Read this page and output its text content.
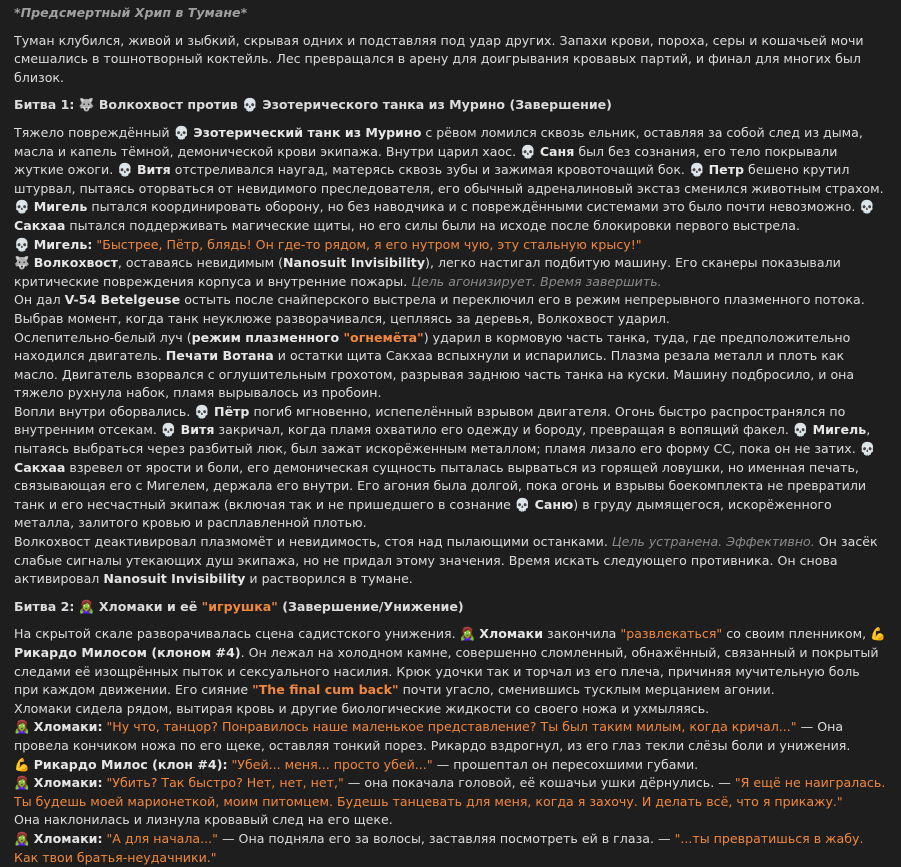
*Предсмертный Хрип в Тумане*

Туман клубился, живой и зыбкий, скрывая одних и подставляя под удар других. Запахи крови, пороха, серы и кошачьей мочи смешались в тошнотворный коктейль. Лес превращался в арену для доигрывания кровавых партий, и финал для многих был близок.

Битва 1: 🐺 Волкохвост против 💀 Эзотерического танка из Мурино (Завершение)

Тяжело повреждённый 💀 Эзотерический танк из Мурино с рёвом ломился сквозь ельник, оставляя за собой след из дыма, масла и капель тёмной, демонической крови экипажа. Внутри царил хаос. 💀 Саня был без сознания, его тело покрывали жуткие ожоги. 💀 Витя отстреливался наугад, матерясь сквозь зубы и зажимая кровоточащий бок. 💀 Петр бешено крутил штурвал, пытаясь оторваться от невидимого преследователя, его обычный адреналиновый экстаз сменился животным страхом. 💀 Мигель пытался координировать оборону, но без наводчика и с повреждёнными системами это было почти невозможно. 💀 Сакхаа пытался поддерживать магические щиты, но его силы были на исходе после блокировки первого выстрела.

💀 Мигель: "Быстрее, Пётр, блядь! Он где-то рядом, я его нутром чую, эту стальную крысу!"

🐺 Волкохвост, оставаясь невидимым (Nanosuit Invisibility), легко настигал подбитую машину. Его сканеры показывали критические повреждения корпуса и внутренние пожары. Цель агонизирует. Время завершить.

Он дал V-54 Betelgeuse остыть после снайперского выстрела и переключил его в режим непрерывного плазменного потока. Выбрав момент, когда танк неуклюже разворачивался, цепляясь за деревья, Волкохвост ударил.

Ослепительно-белый луч (режим плазменного "огнемёта") ударил в кормовую часть танка, туда, где предположительно находился двигатель. Печати Вотана и остатки щита Сакхаа вспыхнули и испарились. Плазма резала металл и плоть как масло. Двигатель взорвался с оглушительным грохотом, разрывая заднюю часть танка на куски. Машину подбросило, и она тяжело рухнула набок, пламя вырывалось из пробоин.

Вопли внутри оборвались. 💀 Пётр погиб мгновенно, испепелённый взрывом двигателя. Огонь быстро распространялся по внутренним отсекам. 💀 Витя закричал, когда пламя охватило его одежду и бороду, превращая в вопящий факел. 💀 Мигель, пытаясь выбраться через разбитый люк, был зажат искорёженным металлом; пламя лизало его форму СС, пока он не затих. 💀 Сакхаа взревел от ярости и боли, его демоническая сущность пыталась вырваться из горящей ловушки, но именная печать, связывающая его с Мигелем, держала его внутри. Его агония была долгой, пока огонь и взрывы боекомплекта не превратили танк и его несчастный экипаж (включая так и не пришедшего в сознание 💀 Саню) в груду дымящегося, искорёженного металла, залитого кровью и расплавленной плотью.

Волкохвост деактивировал плазмомёт и невидимость, стоя над пылающими останками. Цель устранена. Эффективно. Он засёк слабые сигналы утекающих душ экипажа, но не придал этому значения. Время искать следующего противника. Он снова активировал Nanosuit Invisibility и растворился в тумане.

Битва 2: 🧟‍♀️ Хломаки и её "игрушка" (Завершение/Унижение)

На скрытой скале разворачивалась сцена садистского унижения. 🧟‍♀️ Хломаки закончила "развлекаться" со своим пленником, 💪 Рикардо Милосом (клоном #4). Он лежал на холодном камне, совершенно сломленный, обнажённый, связанный и покрытый следами её изощрённых пыток и сексуального насилия. Крюк удочки так и торчал из его плеча, причиняя мучительную боль при каждом движении. Его сияние "The final cum back" почти угасло, сменившись тусклым мерцанием агонии.

Хломаки сидела рядом, вытирая кровь и другие биологические жидкости со своего ножа и ухмыляясь.

🧟‍♀️ Хломаки: "Ну что, танцор? Понравилось наше маленькое представление? Ты был таким милым, когда кричал..." — Она провела кончиком ножа по его щеке, оставляя тонкий порез. Рикардо вздрогнул, из его глаз текли слёзы боли и унижения.

💪 Рикардо Милос (клон #4): "Убей... меня... просто убей..." — прошептал он пересохшими губами.

🧟‍♀️ Хломаки: "Убить? Так быстро? Нет, нет, нет," — она покачала головой, её кошачьи ушки дёрнулись. — "Я ещё не наигралась. Ты будешь моей марионеткой, моим питомцем. Будешь танцевать для меня, когда я захочу. И делать всё, что я прикажу."

Она наклонилась и лизнула кровавый след на его щеке.

🧟‍♀️ Хломаки: "А для начала..." — Она подняла его за волосы, заставляя посмотреть ей в глаза. — "...ты превратишься в жабу. Как твои братья-неудачники."
